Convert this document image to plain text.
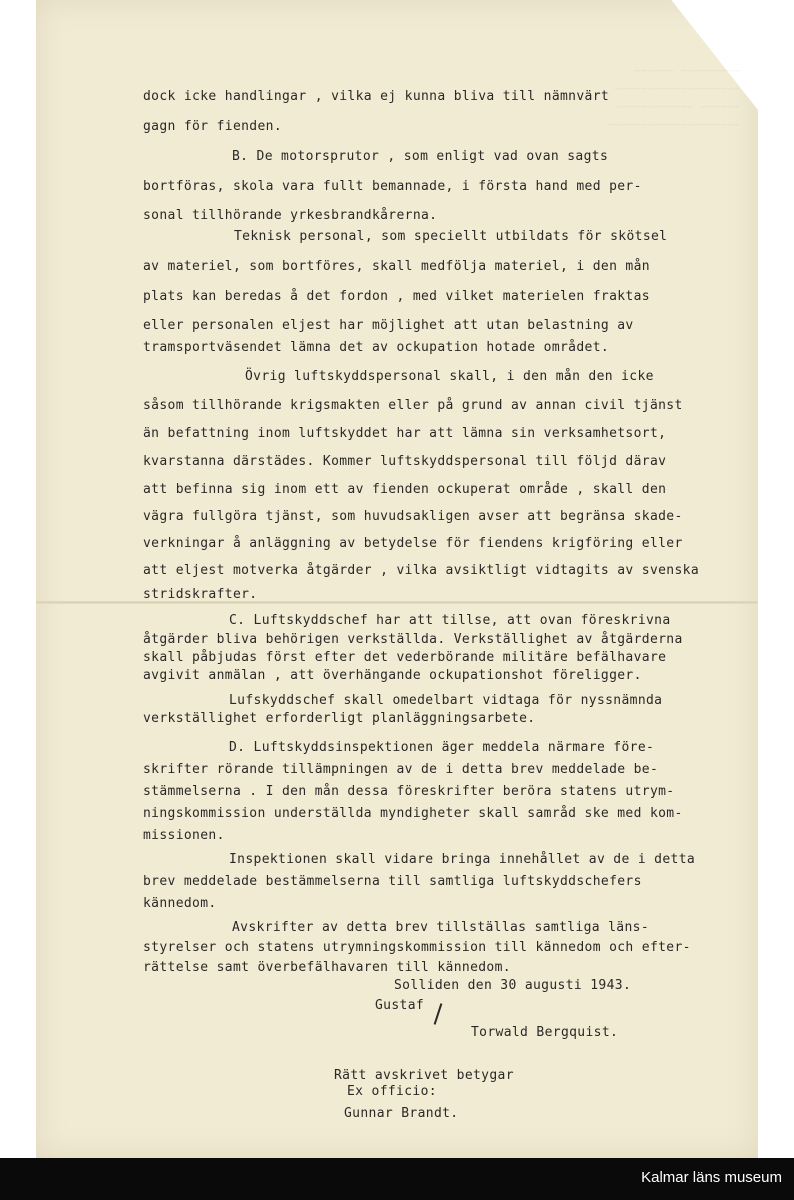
~~~~~~~~~ ~~~~~~
~~~~~~~~~~~~~~~~~~~
~~~~~~ ~~~~~~~~~~~~
~~~~~~~~~~~~~~~~~~~~
dock icke handlingar , vilka ej kunna bliva till nämnvärt
gagn för fienden.
B. De motorsprutor , som enligt vad ovan sagts
bortföras, skola vara fullt bemannade, i första hand med per-
sonal tillhörande yrkesbrandkårerna.
Teknisk personal, som speciellt utbildats för skötsel
av materiel, som bortföres, skall medfölja materiel, i den mån
plats kan beredas å det fordon , med vilket materielen fraktas
eller personalen eljest har möjlighet att utan belastning av
tramsportväsendet lämna det av ockupation hotade området.
Övrig luftskyddspersonal skall, i den mån den icke
såsom tillhörande krigsmakten eller på grund av annan civil tjänst
än befattning inom luftskyddet har att lämna sin verksamhetsort,
kvarstanna därstädes. Kommer luftskyddspersonal till följd därav
att befinna sig inom ett av fienden ockuperat område , skall den
vägra fullgöra tjänst, som huvudsakligen avser att begränsa skade-
verkningar å anläggning av betydelse för fiendens krigföring eller
att eljest motverka åtgärder , vilka avsiktligt vidtagits av svenska
stridskrafter.
C. Luftskyddschef har att tillse, att ovan föreskrivna
åtgärder bliva behörigen verkställda. Verkställighet av åtgärderna
skall påbjudas först efter det vederbörande militäre befälhavare
avgivit anmälan , att överhängande ockupationshot föreligger.
Lufskyddschef skall omedelbart vidtaga för nyssnämnda
verkställighet erforderligt planläggningsarbete.
D. Luftskyddsinspektionen äger meddela närmare före-
skrifter rörande tillämpningen av de i detta brev meddelade be-
stämmelserna . I den mån dessa föreskrifter beröra statens utrym-
ningskommission underställda myndigheter skall samråd ske med kom-
missionen.
Inspektionen skall vidare bringa innehållet av de i detta
brev meddelade bestämmelserna till samtliga luftskyddschefers
kännedom.
Avskrifter av detta brev tillställas samtliga läns-
styrelser och statens utrymningskommission till kännedom och efter-
rättelse samt överbefälhavaren till kännedom.
Solliden den 30 augusti 1943.
Gustaf
Torwald Bergquist.
Rätt avskrivet betygar
Ex officio:
Gunnar Brandt.
Kalmar läns museum
